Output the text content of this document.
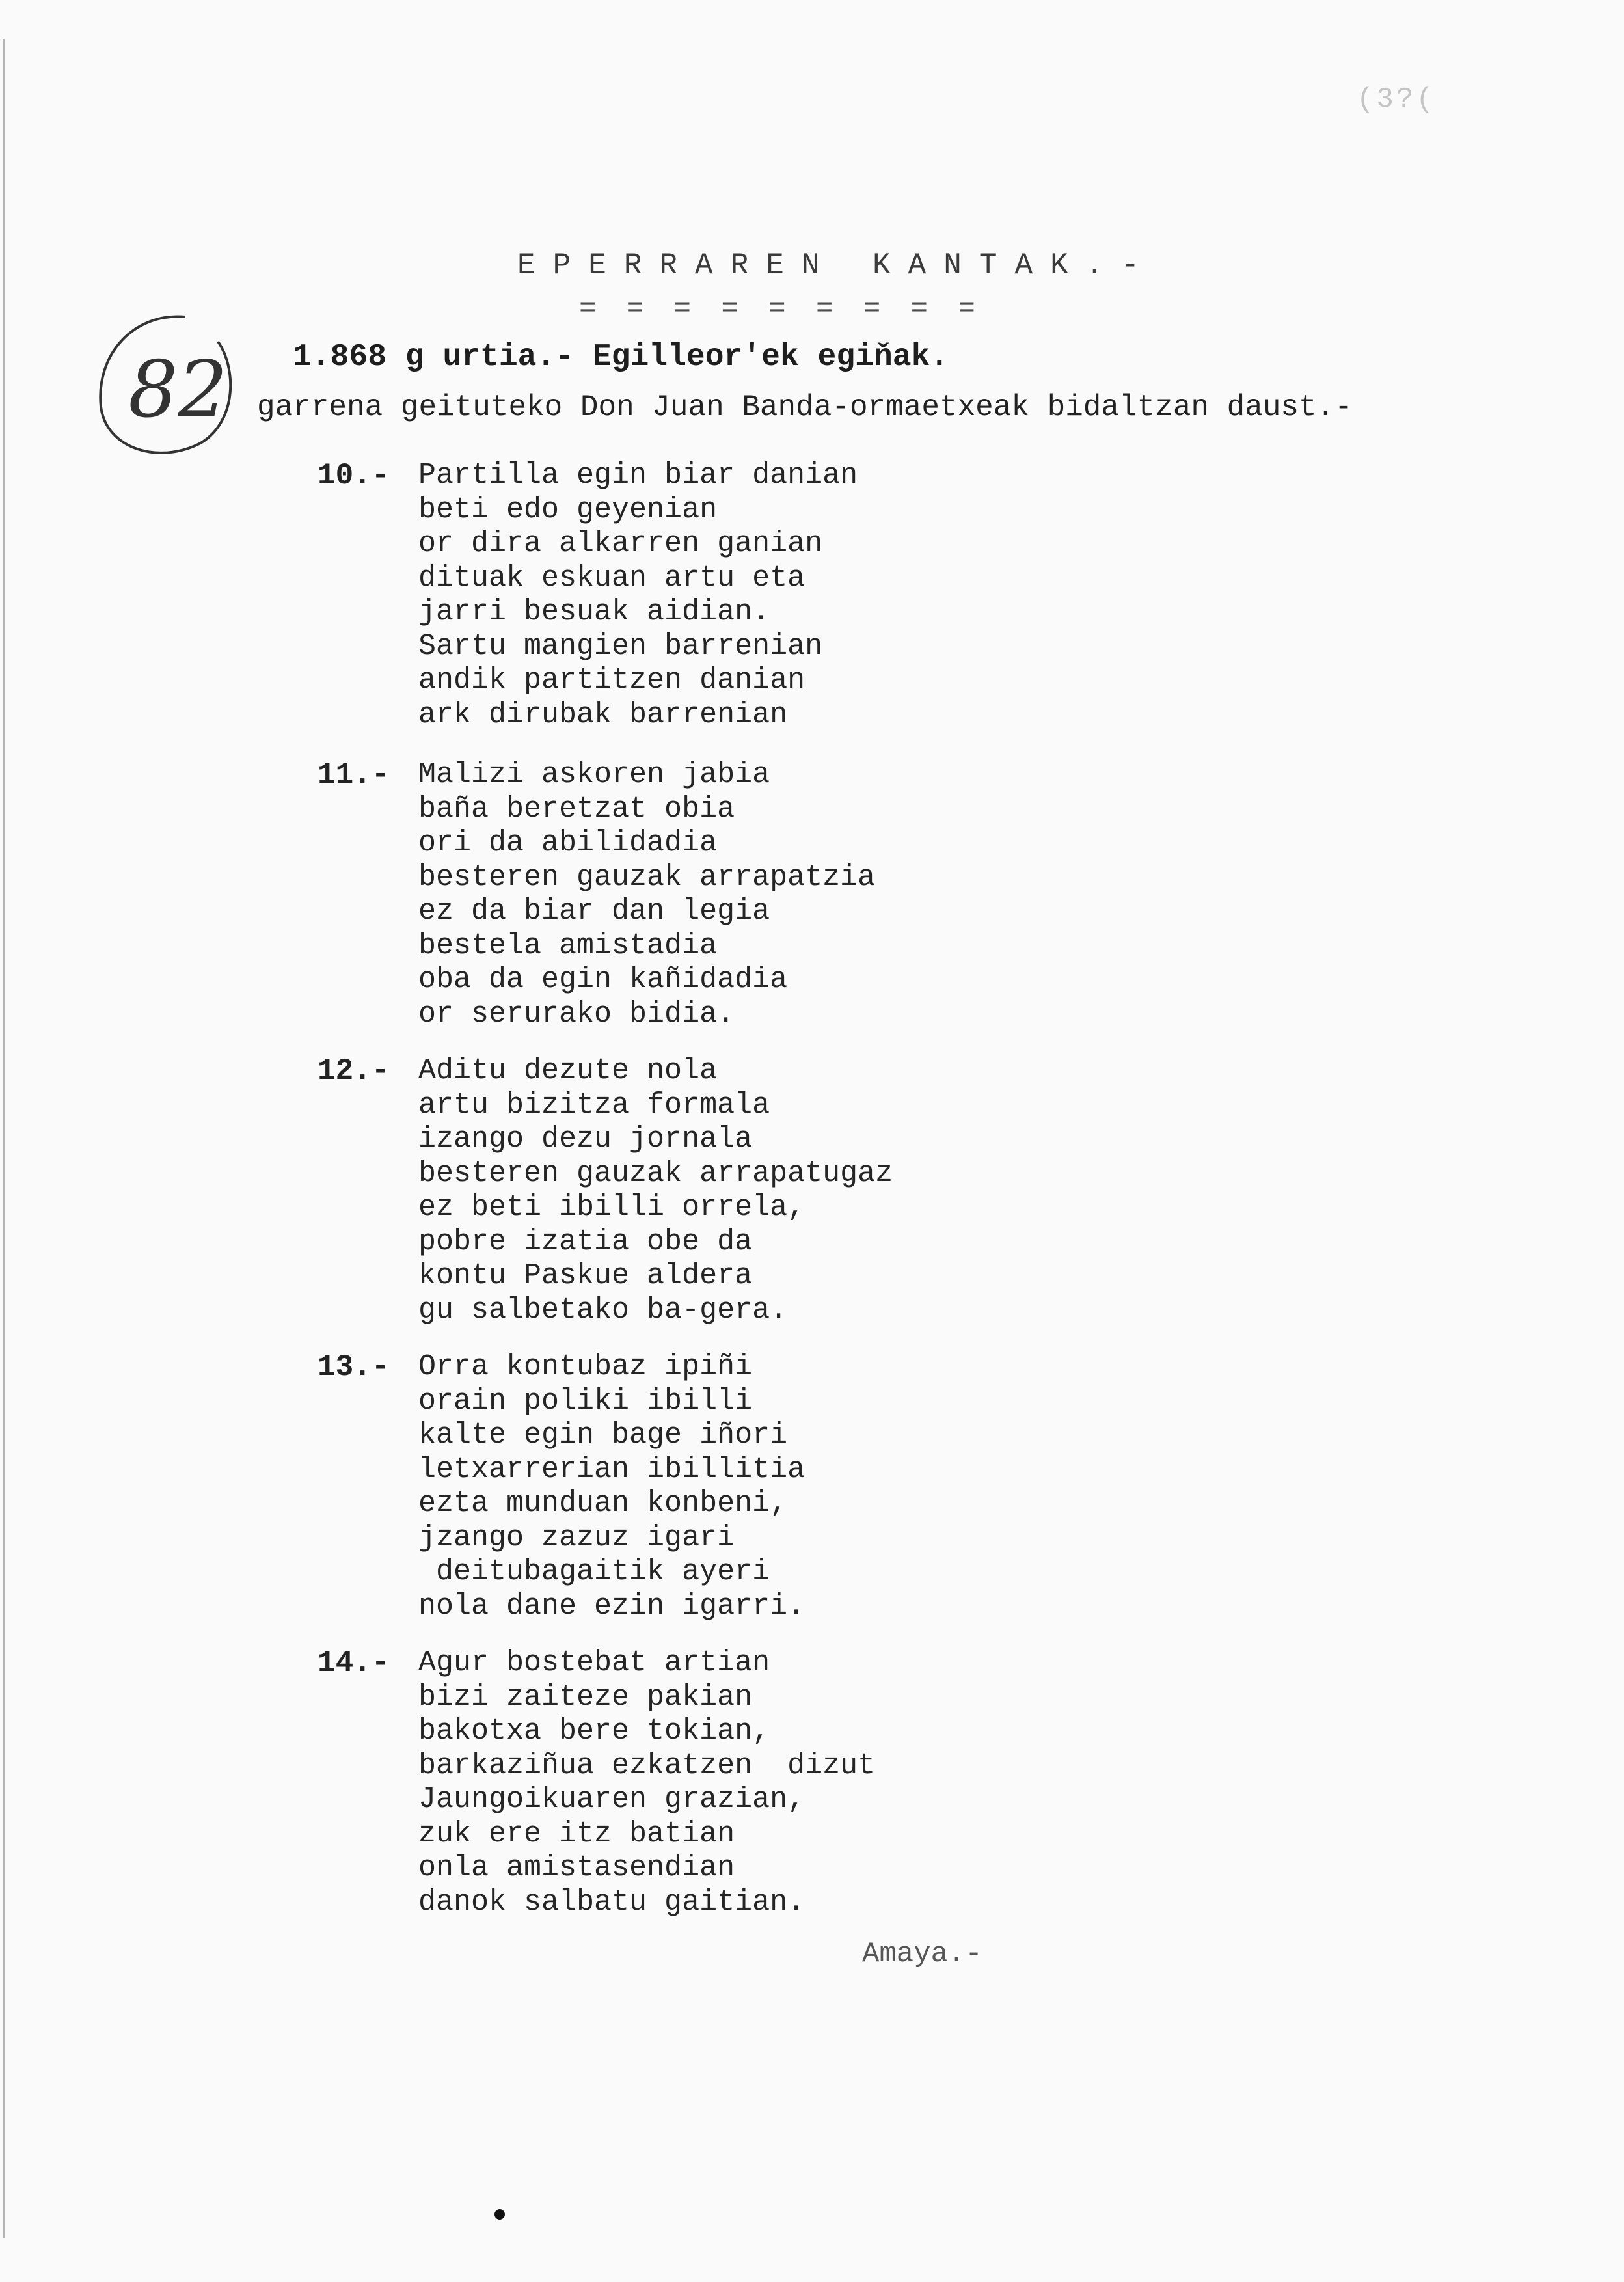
(3?(
EPERRAREN KANTAK.-
= = = = = = = = =
82 1.868 g urtia.- Egilleor'ek egiňak.
garrena geituteko Don Juan Banda-ormaetxeak bidaltzan daust.-
10.- Partilla egin biar danian
beti edo geyenian
or dira alkarren ganian
dituak eskuan artu eta
jarri besuak aidian.
Sartu mangien barrenian
andik partitzen danian
ark dirubak barrenian
11.- Malizi askoren jabia
baña beretzat obia
ori da abilidadia
besteren gauzak arrapatzia
ez da biar dan legia
bestela amistadia
oba da egin kañidadia
or serurako bidia.
12.- Aditu dezute nola
artu bizitza formala
izango dezu jornala
besteren gauzak arrapatugaz
ez beti ibilli orrela,
pobre izatia obe da
kontu Paskue aldera
gu salbetako ba-gera.
13.- Orra kontubaz ipiñi
orain poliki ibilli
kalte egin bage iñori
letxarrerian ibillitia
ezta munduan konbeni,
jzango zazuz igari
deitubagaitik ayeri
nola dane ezin igarri.
14.- Agur bostebat artian
bizi zaiteze pakian
bakotxa bere tokian,
barkaziñua ezkatzen  dizut
Jaungoikuaren grazian,
zuk ere itz batian
onla amistasendian
danok salbatu gaitian.
Amaya.-
